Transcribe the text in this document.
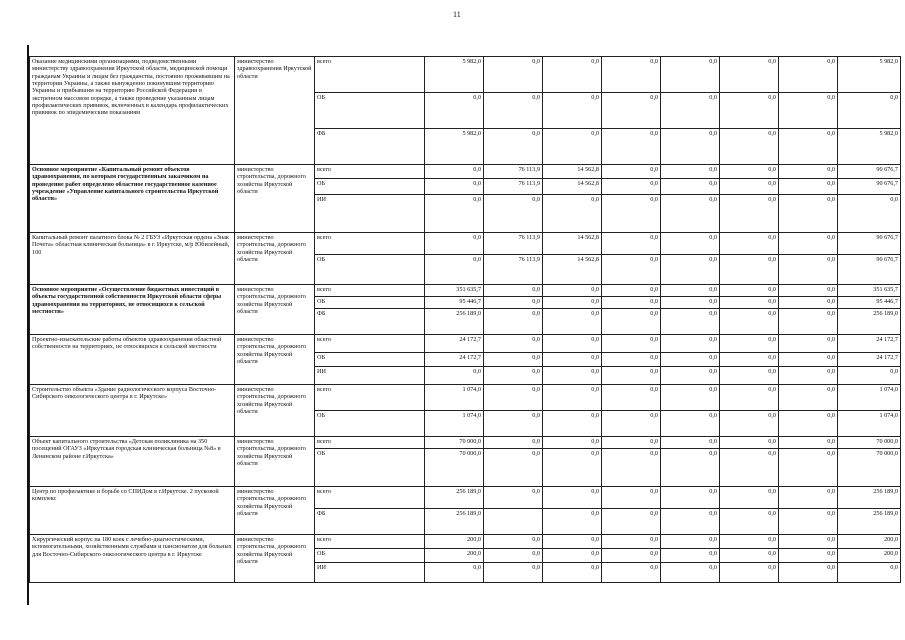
11
Оказание медицинскими организациями, подведомственными министерству здравоохранения Иркутской области, медицинской помощи гражданам Украины и лицам без гражданства, постоянно проживавшим на территории Украины, а также вынужденно покинувшим территорию Украины и прибывшим на территорию Российской Федерации в экстренном массовом порядке, а также проведение указанным лицам профилактических прививок, включенных в календарь профилактических прививок по эпидемическим показаниям	министерство здравоохранения Иркутской области	всего	5 982,0	0,0	0,0	0,0	0,0	0,0	0,0	5 982,0
		ОБ	0,0	0,0	0,0	0,0	0,0	0,0	0,0	0,0
		ФБ	5 982,0	0,0	0,0	0,0	0,0	0,0	0,0	5 982,0
Основное мероприятие «Капитальный ремонт объектов здравоохранения, по которым государственным заказчиком на проведение работ определено областное государственное казенное учреждение «Управление капитального строительства Иркутской области»	министерство строительства, дорожного хозяйства Иркутской области	всего	0,0	76 113,9	14 562,8	0,0	0,0	0,0	0,0	90 676,7
		ОБ	0,0	76 113,9	14 562,8	0,0	0,0	0,0	0,0	90 676,7
		ИИ	0,0	0,0	0,0	0,0	0,0	0,0	0,0	0,0
Капитальный ремонт палатного блока № 2 ГБУЗ «Иркутская ордена «Знак Почета» областная клиническая больница» в г. Иркутске, м/р Юбилейный, 100	министерство строительства, дорожного хозяйства Иркутской области	всего	0,0	76 113,9	14 562,8	0,0	0,0	0,0	0,0	90 676,7
		ОБ	0,0	76 113,9	14 562,8	0,0	0,0	0,0	0,0	90 676,7
Основное мероприятие «Осуществление бюджетных инвестиций в объекты государственной собственности Иркутской области сферы здравоохранения на территориях, не относящихся к сельской местности»	министерство строительства, дорожного хозяйства Иркутской области	всего	351 635,7	0,0	0,0	0,0	0,0	0,0	0,0	351 635,7
		ОБ	95 446,7	0,0	0,0	0,0	0,0	0,0	0,0	95 446,7
		ФБ	256 189,0	0,0	0,0	0,0	0,0	0,0	0,0	256 189,0
Проектно-изыскательские работы объектов здравоохранения областной собственности на территориях, не относящихся к сельской местности	министерство строительства, дорожного хозяйства Иркутской области	всего	24 172,7	0,0	0,0	0,0	0,0	0,0	0,0	24 172,7
		ОБ	24 172,7	0,0	0,0	0,0	0,0	0,0	0,0	24 172,7
		ИИ	0,0	0,0	0,0	0,0	0,0	0,0	0,0	0,0
Строительство объекта «Здание радиологического корпуса Восточно-Сибирского онкологического центра в г. Иркутске»	министерство строительства, дорожного хозяйства Иркутской области	всего	1 074,0	0,0	0,0	0,0	0,0	0,0	0,0	1 074,0
		ОБ	1 074,0	0,0	0,0	0,0	0,0	0,0	0,0	1 074,0
Объект капитального строительства «Детская поликлиника на 350 посещений ОГАУЗ «Иркутская городская клиническая больница №8» в Ленинском районе г.Иркутска»	министерство строительства, дорожного хозяйства Иркутской области	всего	70 000,0	0,0	0,0	0,0	0,0	0,0	0,0	70 000,0
		ОБ	70 000,0	0,0	0,0	0,0	0,0	0,0	0,0	70 000,0
Центр по профилактике и борьбе со СПИДом в г.Иркутске. 2 пусковой комплекс	министерство строительства, дорожного хозяйства Иркутской области	всего	256 189,0	0,0	0,0	0,0	0,0	0,0	0,0	256 189,0
		ФБ	256 189,0		0,0	0,0	0,0	0,0	0,0	256 189,0
Хирургический корпус на 180 коек с лечебно-диагностическими, вспомогательными, хозяйственными службами и пансионатом для больных для Восточно-Сибирского онкологического центра в г. Иркутске	министерство строительства, дорожного хозяйства Иркутской области	всего	200,0	0,0	0,0	0,0	0,0	0,0	0,0	200,0
		ОБ	200,0	0,0	0,0	0,0	0,0	0,0	0,0	200,0
		ИИ	0,0	0,0	0,0	0,0	0,0	0,0	0,0	0,0
